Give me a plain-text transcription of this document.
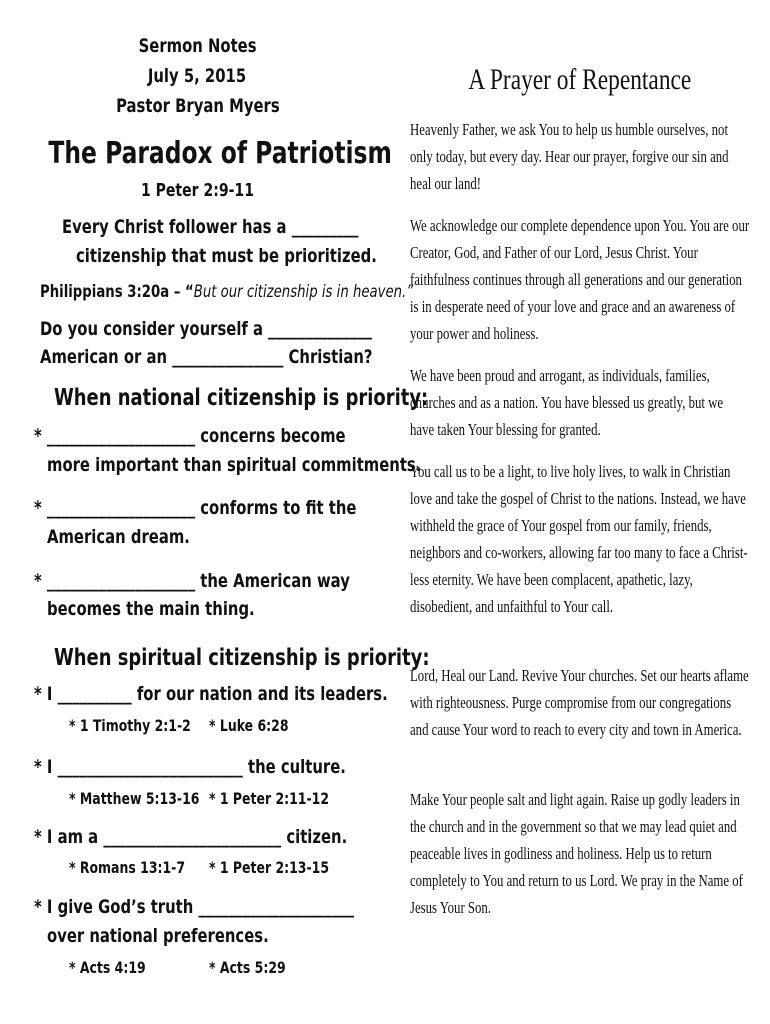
Sermon Notes
July 5, 2015
Pastor Bryan Myers
The Paradox of Patriotism
1 Peter 2:9-11
Every Christ follower has a _________
citizenship that must be prioritized.
Philippians 3:20a – “But our citizenship is in heaven.”
Do you consider yourself a ______________
American or an _______________ Christian?
When national citizenship is priority:
* ____________________ concerns become
more important than spiritual commitments.
* ____________________ conforms to fit the
American dream.
* ____________________ the American way
becomes the main thing.
When spiritual citizenship is priority:
* I __________ for our nation and its leaders.
* 1 Timothy 2:1-2	* Luke 6:28
* I _________________________ the culture.
* Matthew 5:13-16 * 1 Peter 2:11-12
* I am a ________________________ citizen.
* Romans 13:1-7	* 1 Peter 2:13-15
* I give God’s truth _____________________
over national preferences.
* Acts 4:19	* Acts 5:29
A Prayer of Repentance
Heavenly Father, we ask You to help us humble ourselves, not only today, but every day. Hear our prayer, forgive our sin and heal our land!
We acknowledge our complete dependence upon You. You are our Creator, God, and Father of our Lord, Jesus Christ. Your faithfulness continues through all generations and our generation is in desperate need of your love and grace and an awareness of your power and holiness.
We have been proud and arrogant, as individuals, families, churches and as a nation. You have blessed us greatly, but we have taken Your blessing for granted.
You call us to be a light, to live holy lives, to walk in Christian love and take the gospel of Christ to the nations. Instead, we have withheld the grace of Your gospel from our family, friends, neighbors and co-workers, allowing far too many to face a Christ-less eternity. We have been complacent, apathetic, lazy, disobedient, and unfaithful to Your call.
Lord, Heal our Land. Revive Your churches. Set our hearts aflame with righteousness. Purge compromise from our congregations and cause Your word to reach to every city and town in America.
Make Your people salt and light again. Raise up godly leaders in the church and in the government so that we may lead quiet and peaceable lives in godliness and holiness. Help us to return completely to You and return to us Lord. We pray in the Name of Jesus Your Son.
